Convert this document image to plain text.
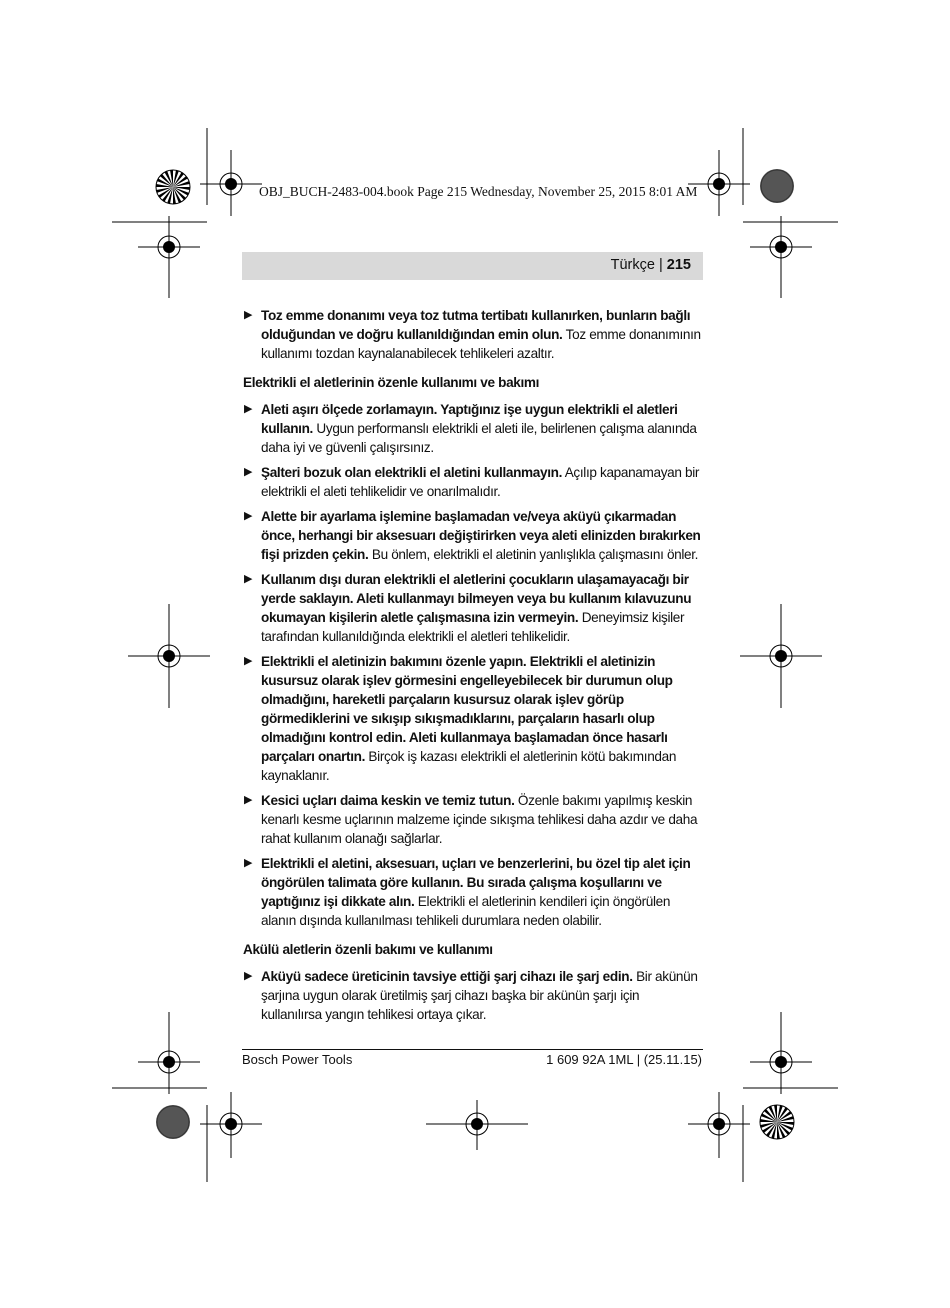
OBJ_BUCH-2483-004.book Page 215 Wednesday, November 25, 2015 8:01 AM
Türkçe | 215
▶ Toz emme donanımı veya toz tutma tertibatı kullanırken, bunların bağlı olduğundan ve doğru kullanıldığından emin olun. Toz emme donanımının kullanımı tozdan kaynalanabilecek tehlikeleri azaltır.
Elektrikli el aletlerinin özenle kullanımı ve bakımı
▶ Aleti aşırı ölçede zorlamayın. Yaptığınız işe uygun elektrikli el aletleri kullanın. Uygun performanslı elektrikli el aleti ile, belirlenen çalışma alanında daha iyi ve güvenli çalışırsınız.
▶ Şalteri bozuk olan elektrikli el aletini kullanmayın. Açılıp kapanamayan bir elektrikli el aleti tehlikelidir ve onarılmalıdır.
▶ Alette bir ayarlama işlemine başlamadan ve/veya aküyü çıkarmadan önce, herhangi bir aksesuarı değiştirirken veya aleti elinizden bırakırken fişi prizden çekin. Bu önlem, elektrikli el aletinin yanlışlıkla çalışmasını önler.
▶ Kullanım dışı duran elektrikli el aletlerini çocukların ulaşamayacağı bir yerde saklayın. Aleti kullanmayı bilmeyen veya bu kullanım kılavuzunu okumayan kişilerin aletle çalışmasına izin vermeyin. Deneyimsiz kişiler tarafından kullanıldığında elektrikli el aletleri tehlikelidir.
▶ Elektrikli el aletinizin bakımını özenle yapın. Elektrikli el aletinizin kusursuz olarak işlev görmesini engelleyebilecek bir durumun olup olmadığını, hareketli parçaların kusursuz olarak işlev görüp görmediklerini ve sıkışıp sıkışmadıklarını, parçaların hasarlı olup olmadığını kontrol edin. Aleti kullanmaya başlamadan önce hasarlı parçaları onartın. Birçok iş kazası elektrikli el aletlerinin kötü bakımından kaynaklanır.
▶ Kesici uçları daima keskin ve temiz tutun. Özenle bakımı yapılmış keskin kenarlı kesme uçlarının malzeme içinde sıkışma tehlikesi daha azdır ve daha rahat kullanım olanağı sağlarlar.
▶ Elektrikli el aletini, aksesuarı, uçları ve benzerlerini, bu özel tip alet için öngörülen talimata göre kullanın. Bu sırada çalışma koşullarını ve yaptığınız işi dikkate alın. Elektrikli el aletlerinin kendileri için öngörülen alanın dışında kullanılması tehlikeli durumlara neden olabilir.
Akülü aletlerin özenli bakımı ve kullanımı
▶ Aküyü sadece üreticinin tavsiye ettiği şarj cihazı ile şarj edin. Bir akünün şarjına uygun olarak üretilmiş şarj cihazı başka bir akünün şarjı için kullanılırsa yangın tehlikesi ortaya çıkar.
Bosch Power Tools	1 609 92A 1ML | (25.11.15)
